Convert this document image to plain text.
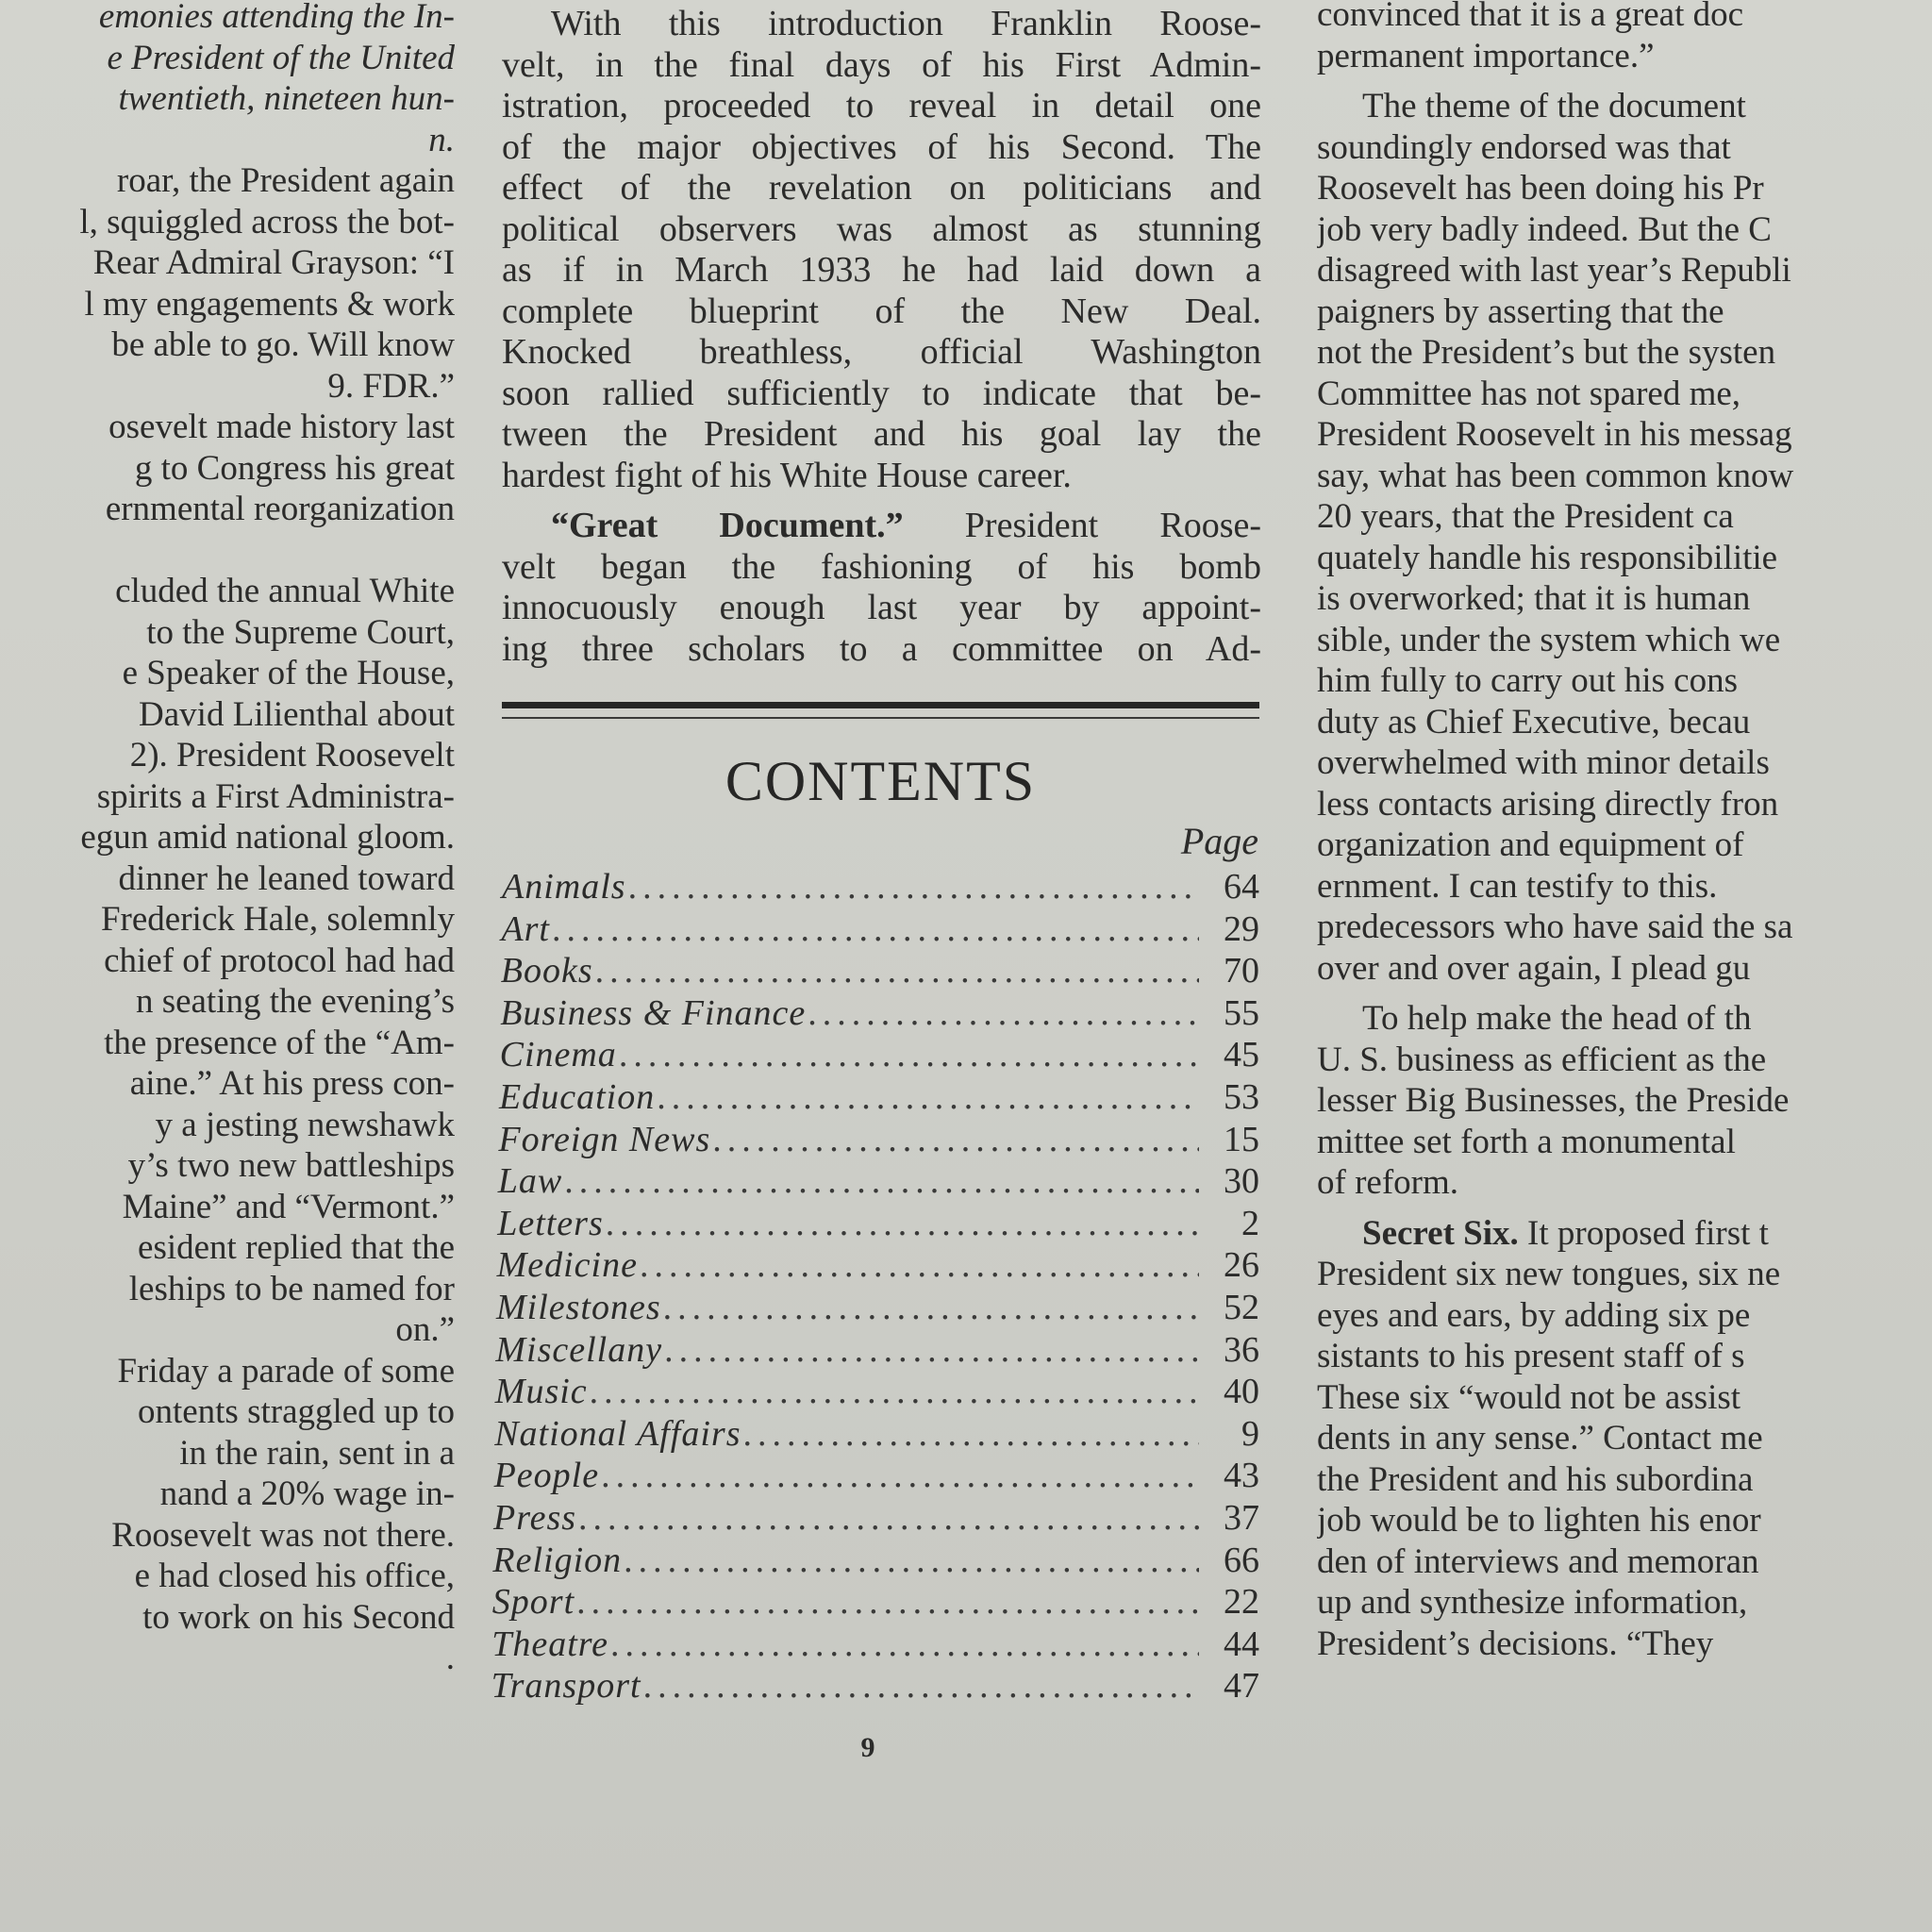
emonies attending the In-

e President of the United

twentieth, nineteen hun-

n.

roar, the President again

l, squiggled across the bot-

Rear Admiral Grayson: “I

l my engagements & work

be able to go. Will know

9. FDR.”

osevelt made history last

g to Congress his great

ernmental reorganization

cluded the annual White

to the Supreme Court,

e Speaker of the House,

David Lilienthal about

2). President Roosevelt

spirits a First Administra-

egun amid national gloom.

dinner he leaned toward

Frederick Hale, solemnly

chief of protocol had had

n seating the evening’s

the presence of the “Am-

aine.” At his press con-

y a jesting newshawk

y’s two new battleships

Maine” and “Vermont.”

esident replied that the

leships to be named for

on.”

Friday a parade of some

ontents straggled up to

in the rain, sent in a

nand a 20% wage in-

Roosevelt was not there.

e had closed his office,

to work on his Second

.

With this introduction Franklin Roose-
velt, in the final days of his First Admin-
istration, proceeded to reveal in detail one
of the major objectives of his Second. The
effect of the revelation on politicians and
political observers was almost as stunning
as if in March 1933 he had laid down a
complete blueprint of the New Deal.
Knocked breathless, official Washington
soon rallied sufficiently to indicate that be-
tween the President and his goal lay the
hardest fight of his White House career.
“Great Document.” President Roose-
velt began the fashioning of his bomb
innocuously enough last year by appoint-
ing three scholars to a committee on Ad-
CONTENTS
Page
Animals .....	64
Art .....	29
Books .....	70
Business & Finance .....	55
Cinema .....	45
Education .....	53
Foreign News .....	15
Law .....	30
Letters .....	2
Medicine .....	26
Milestones .....	52
Miscellany .....	36
Music .....	40
National Affairs .....	9
People .....	43
Press .....	37
Religion .....	66
Sport .....	22
Theatre .....	44
Transport .....	47
9
convinced that it is a great doc
permanent importance.”
The theme of the document
soundingly endorsed was that
Roosevelt has been doing his Pr
job very badly indeed. But the C
disagreed with last year’s Republi
paigners by asserting that the
not the President’s but the systen
Committee has not spared me,
President Roosevelt in his messag
say, what has been common know
20 years, that the President ca
quately handle his responsibilitie
is overworked; that it is human
sible, under the system which we
him fully to carry out his cons
duty as Chief Executive, becau
overwhelmed with minor details
less contacts arising directly fron
organization and equipment of
ernment. I can testify to this.
predecessors who have said the sa
over and over again, I plead gu
To help make the head of th
U. S. business as efficient as the
lesser Big Businesses, the Preside
mittee set forth a monumental
of reform.
Secret Six. It proposed first t
President six new tongues, six ne
eyes and ears, by adding six pe
sistants to his present staff of s
These six “would not be assist
dents in any sense.” Contact me
the President and his subordina
job would be to lighten his enor
den of interviews and memoran
up and synthesize information,
President’s decisions. “They
